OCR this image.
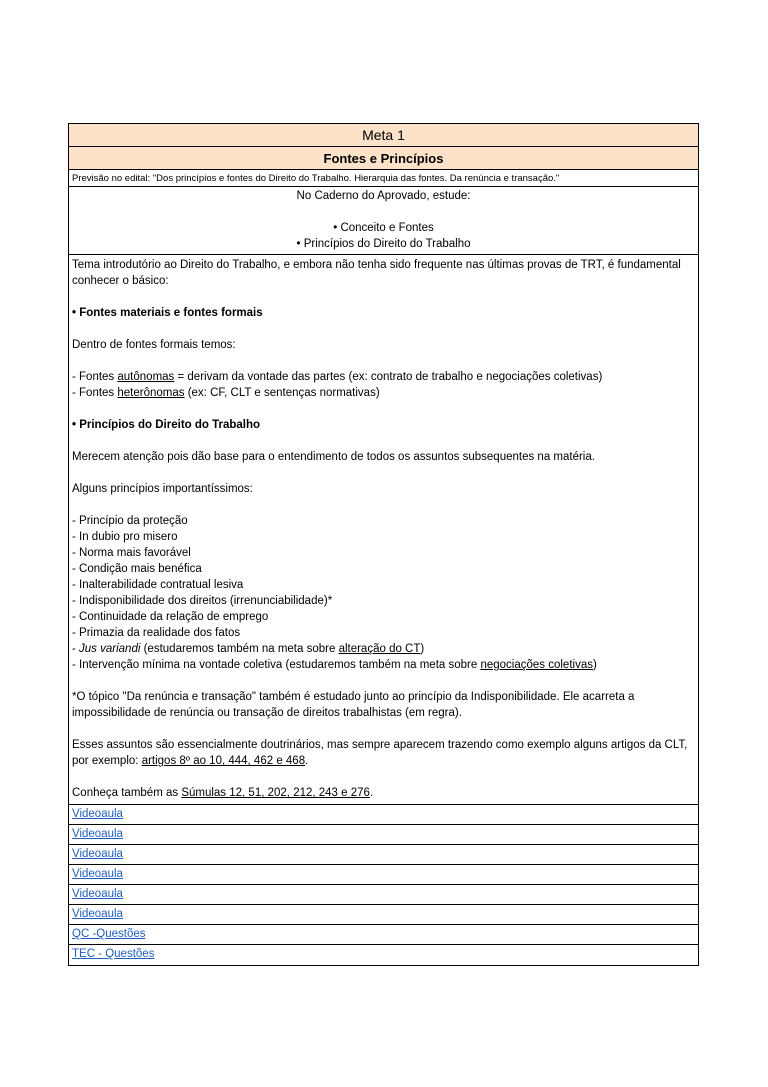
Meta 1
Fontes e Princípios
Previsão no edital: "Dos princípios e fontes do Direito do Trabalho. Hierarquia das fontes. Da renúncia e transação."
No Caderno do Aprovado, estude:
• Conceito e Fontes
• Princípios do Direito do Trabalho

Tema introdutório ao Direito do Trabalho, e embora não tenha sido frequente nas últimas provas de TRT, é fundamental conhecer o básico:

• Fontes materiais e fontes formais

Dentro de fontes formais temos:

- Fontes autônomas = derivam da vontade das partes (ex: contrato de trabalho e negociações coletivas)

- Fontes heterônomas (ex: CF, CLT e sentenças normativas)

• Princípios do Direito do Trabalho

Merecem atenção pois dão base para o entendimento de todos os assuntos subsequentes na matéria.

Alguns princípios importantíssimos:

- Princípio da proteção

- In dubio pro misero

- Norma mais favorável

- Condição mais benéfica

- Inalterabilidade contratual lesiva

- Indisponibilidade dos direitos (irrenunciabilidade)*

- Continuidade da relação de emprego

- Primazia da realidade dos fatos

- Jus variandi (estudaremos também na meta sobre alteração do CT)

- Intervenção mínima na vontade coletiva (estudaremos também na meta sobre negociações coletivas)

*O tópico "Da renúncia e transação" também é estudado junto ao princípio da Indisponibilidade. Ele acarreta a impossibilidade de renúncia ou transação de direitos trabalhistas (em regra).

Esses assuntos são essencialmente doutrinários, mas sempre aparecem trazendo como exemplo alguns artigos da CLT, por exemplo: artigos 8º ao 10, 444, 462 e 468.

Conheça também as Súmulas 12, 51, 202, 212, 243 e 276.

Videoaula
Videoaula
Videoaula
Videoaula
Videoaula
Videoaula
QC -Questões
TEC - Questões
